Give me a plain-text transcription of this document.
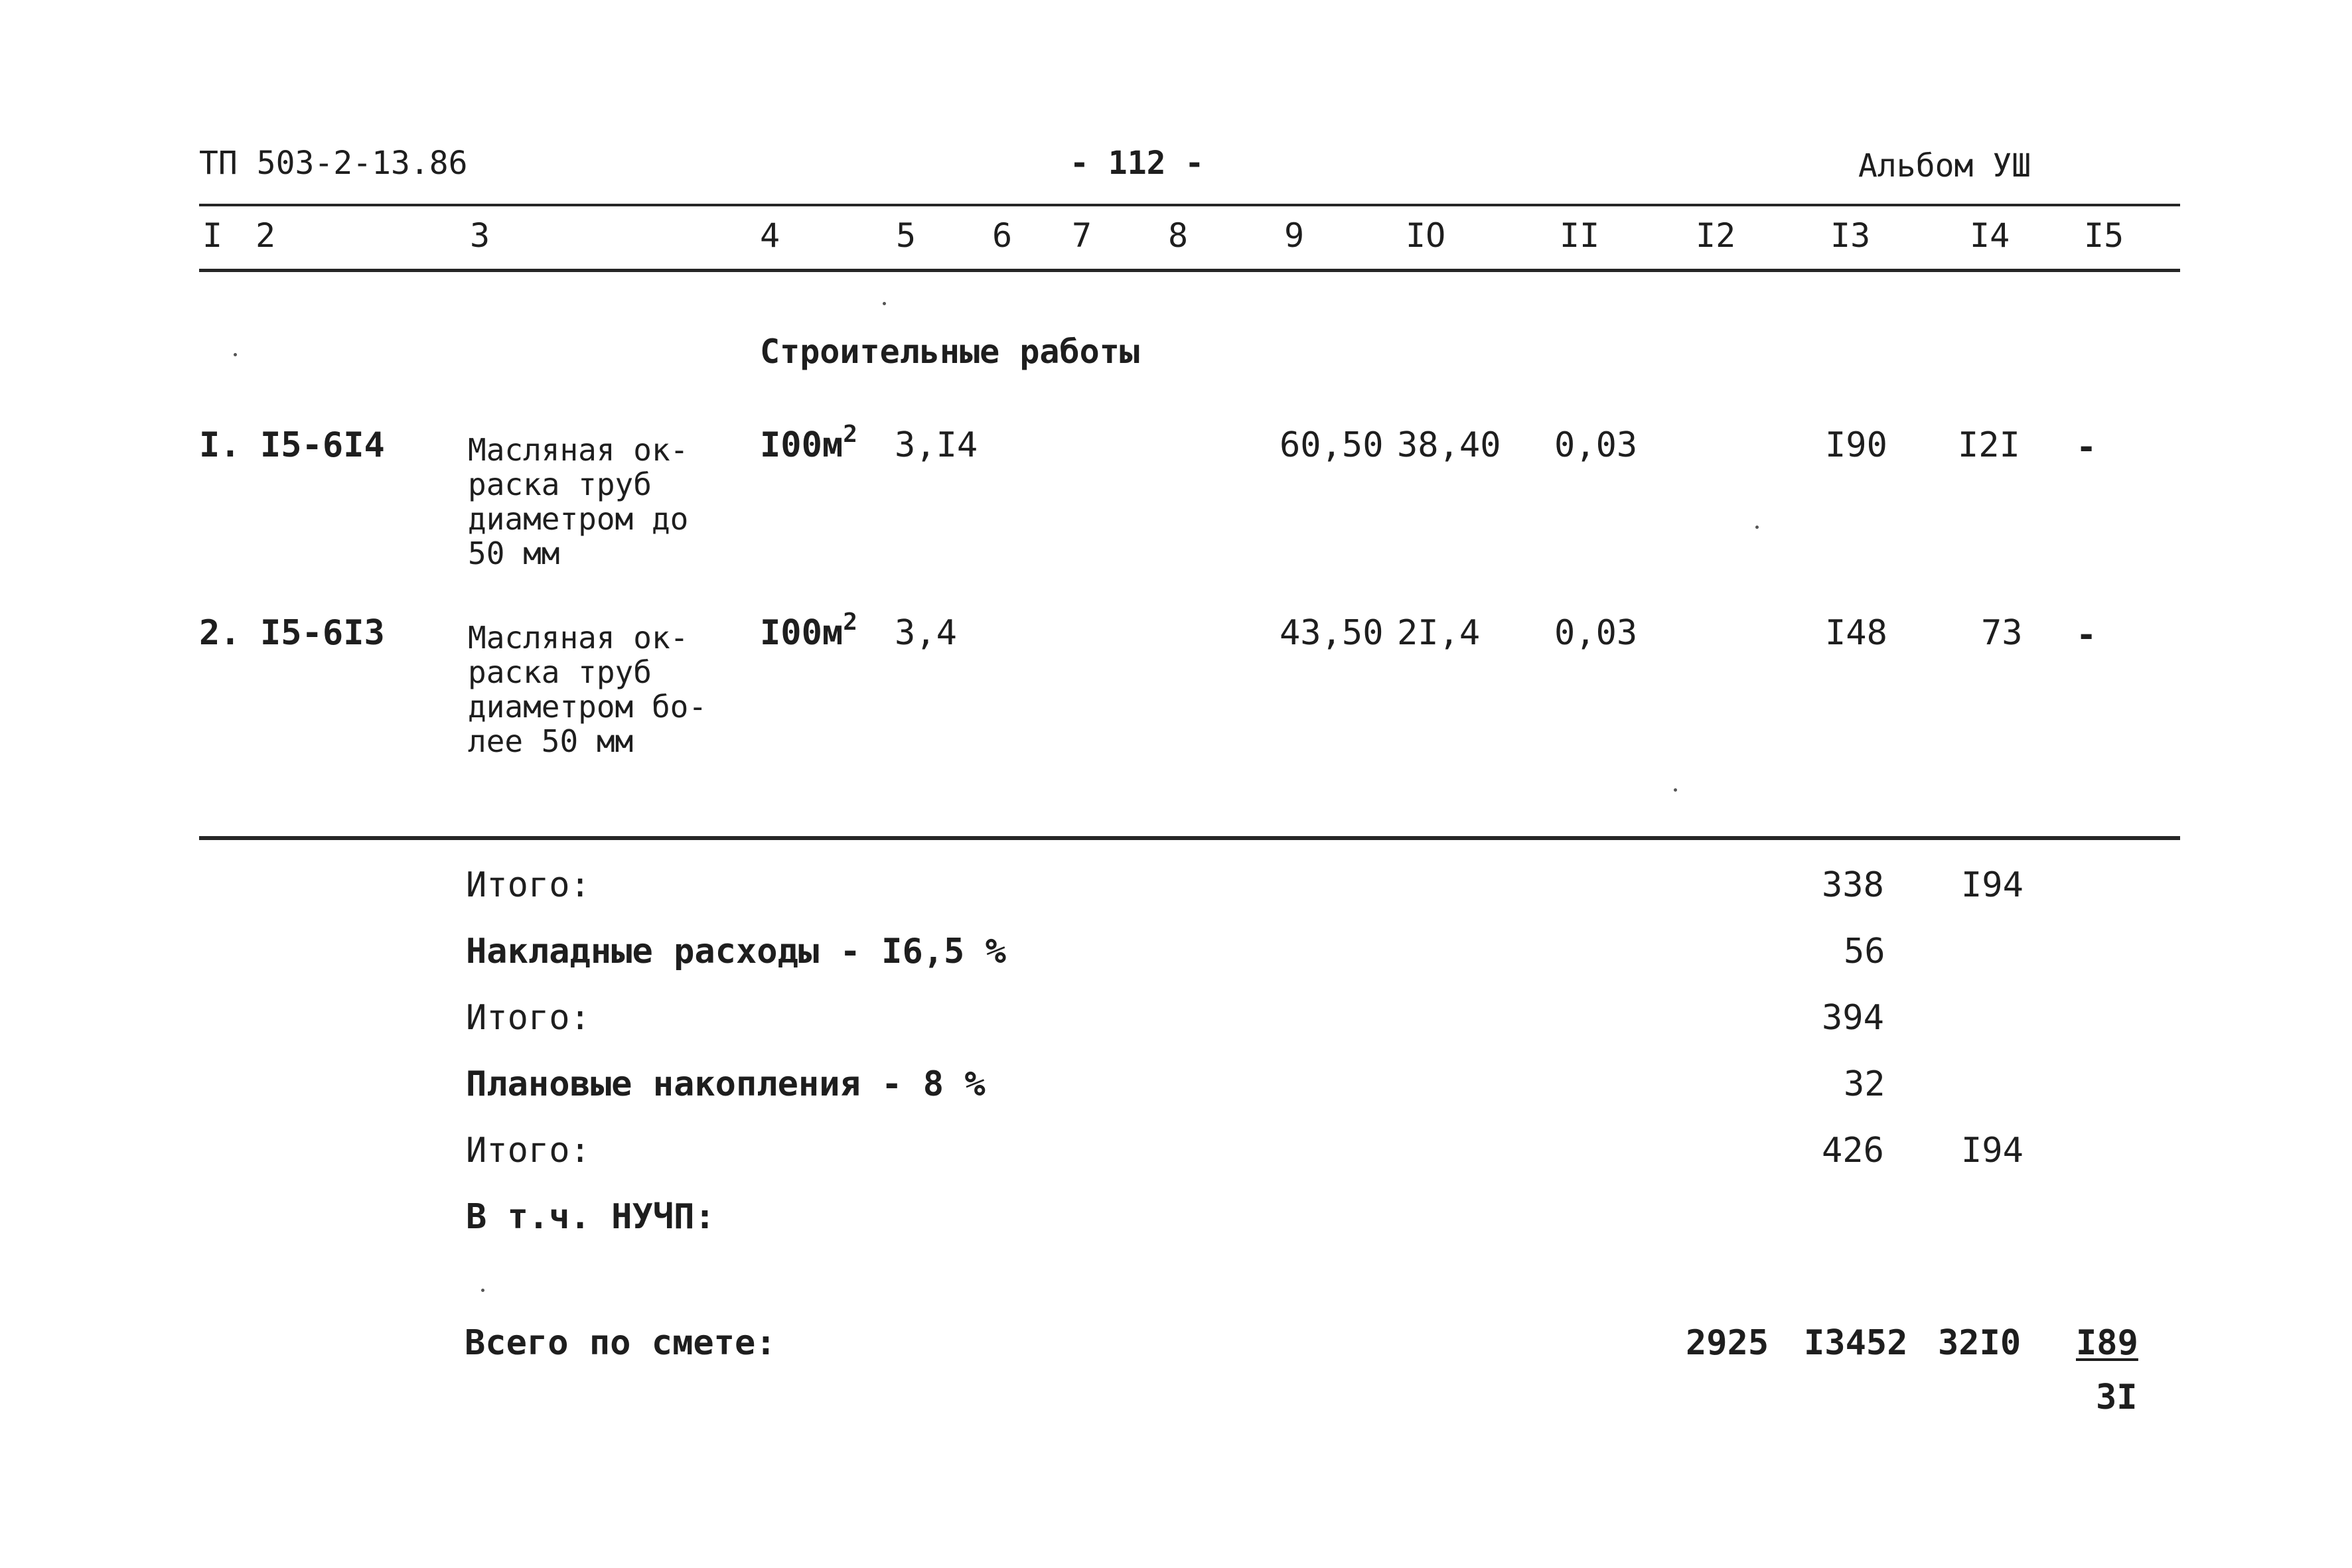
ТП 503-2-13.86	- 112 -	Альбом УШ
I 2	3	4	5 6 7 8	9	IO	II	I2	I3	I4 I5
Строительные работы
I. I5-6I4	Масляная ок-
раска труб
диаметром до
50 мм
$I00м^2$ 3,I4	60,50 38,40 0,03	I90 I2I -
2. I5-6I3	Масляная ок-
раска труб
диаметром бо-
лее 50 мм
$I00м^2$ 3,4	43,50 2I,4 0,03	I48	73 -
Итого:	338 I94
Накладные расходы - I6,5 %	56
Итого:	394
Плановые накопления - 8 %	32
Итого:	426 I94
В т.ч. НУЧП:
Всего по смете:	2925 I3452 32I0 I89
3I
